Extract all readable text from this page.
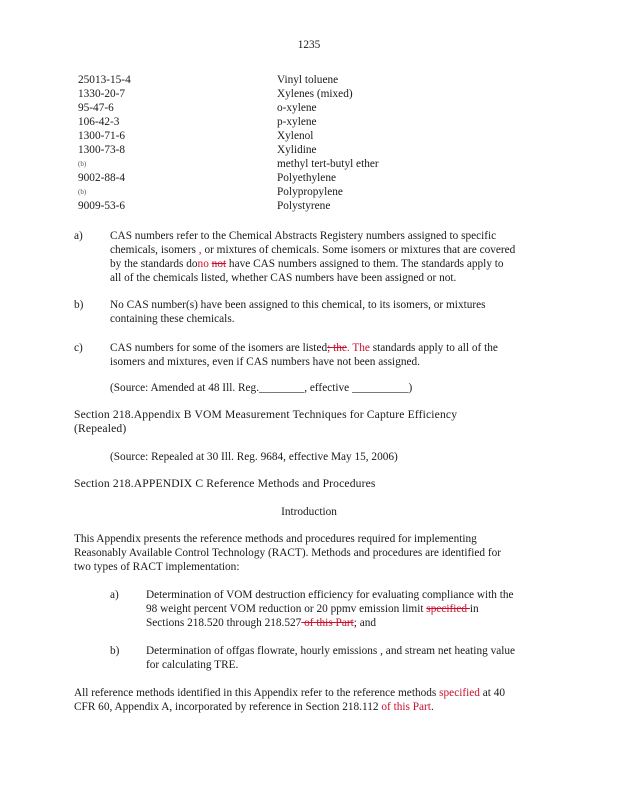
1235
25013-15-4	Vinyl toluene
1330-20-7	Xylenes (mixed)
95-47-6	o-xylene
106-42-3	p-xylene
1300-71-6	Xylenol
1300-73-8	Xylidine
(b)	methyl tert-butyl ether
9002-88-4	Polyethylene
(b)	Polypropylene
9009-53-6	Polystyrene
a) CAS numbers refer to the Chemical Abstracts Registery numbers assigned to specific
chemicals, isomers , or mixtures of chemicals. Some isomers or mixtures that are covered
by the standards dono not have CAS numbers assigned to them. The standards apply to
all of the chemicals listed, whether CAS numbers have been assigned or not.
b) No CAS number(s) have been assigned to this chemical, to its isomers, or mixtures
containing these chemicals.
c) CAS numbers for some of the isomers are listed; the. The standards apply to all of the
isomers and mixtures, even if CAS numbers have not been assigned.
(Source: Amended at 48 Ill. Reg.________, effective __________)
Section 218.Appendix B VOM Measurement Techniques for Capture Efficiency
(Repealed)
(Source: Repealed at 30 Ill. Reg. 9684, effective May 15, 2006)
Section 218.APPENDIX C Reference Methods and Procedures
Introduction
This Appendix presents the reference methods and procedures required for implementing
Reasonably Available Control Technology (RACT). Methods and procedures are identified for
two types of RACT implementation:
a) Determination of VOM destruction efficiency for evaluating compliance with the
98 weight percent VOM reduction or 20 ppmv emission limit specified in
Sections 218.520 through 218.527 of this Part; and
b) Determination of offgas flowrate, hourly emissions , and stream net heating value
for calculating TRE.
All reference methods identified in this Appendix refer to the reference methods specified at 40
CFR 60, Appendix A, incorporated by reference in Section 218.112 of this Part.
